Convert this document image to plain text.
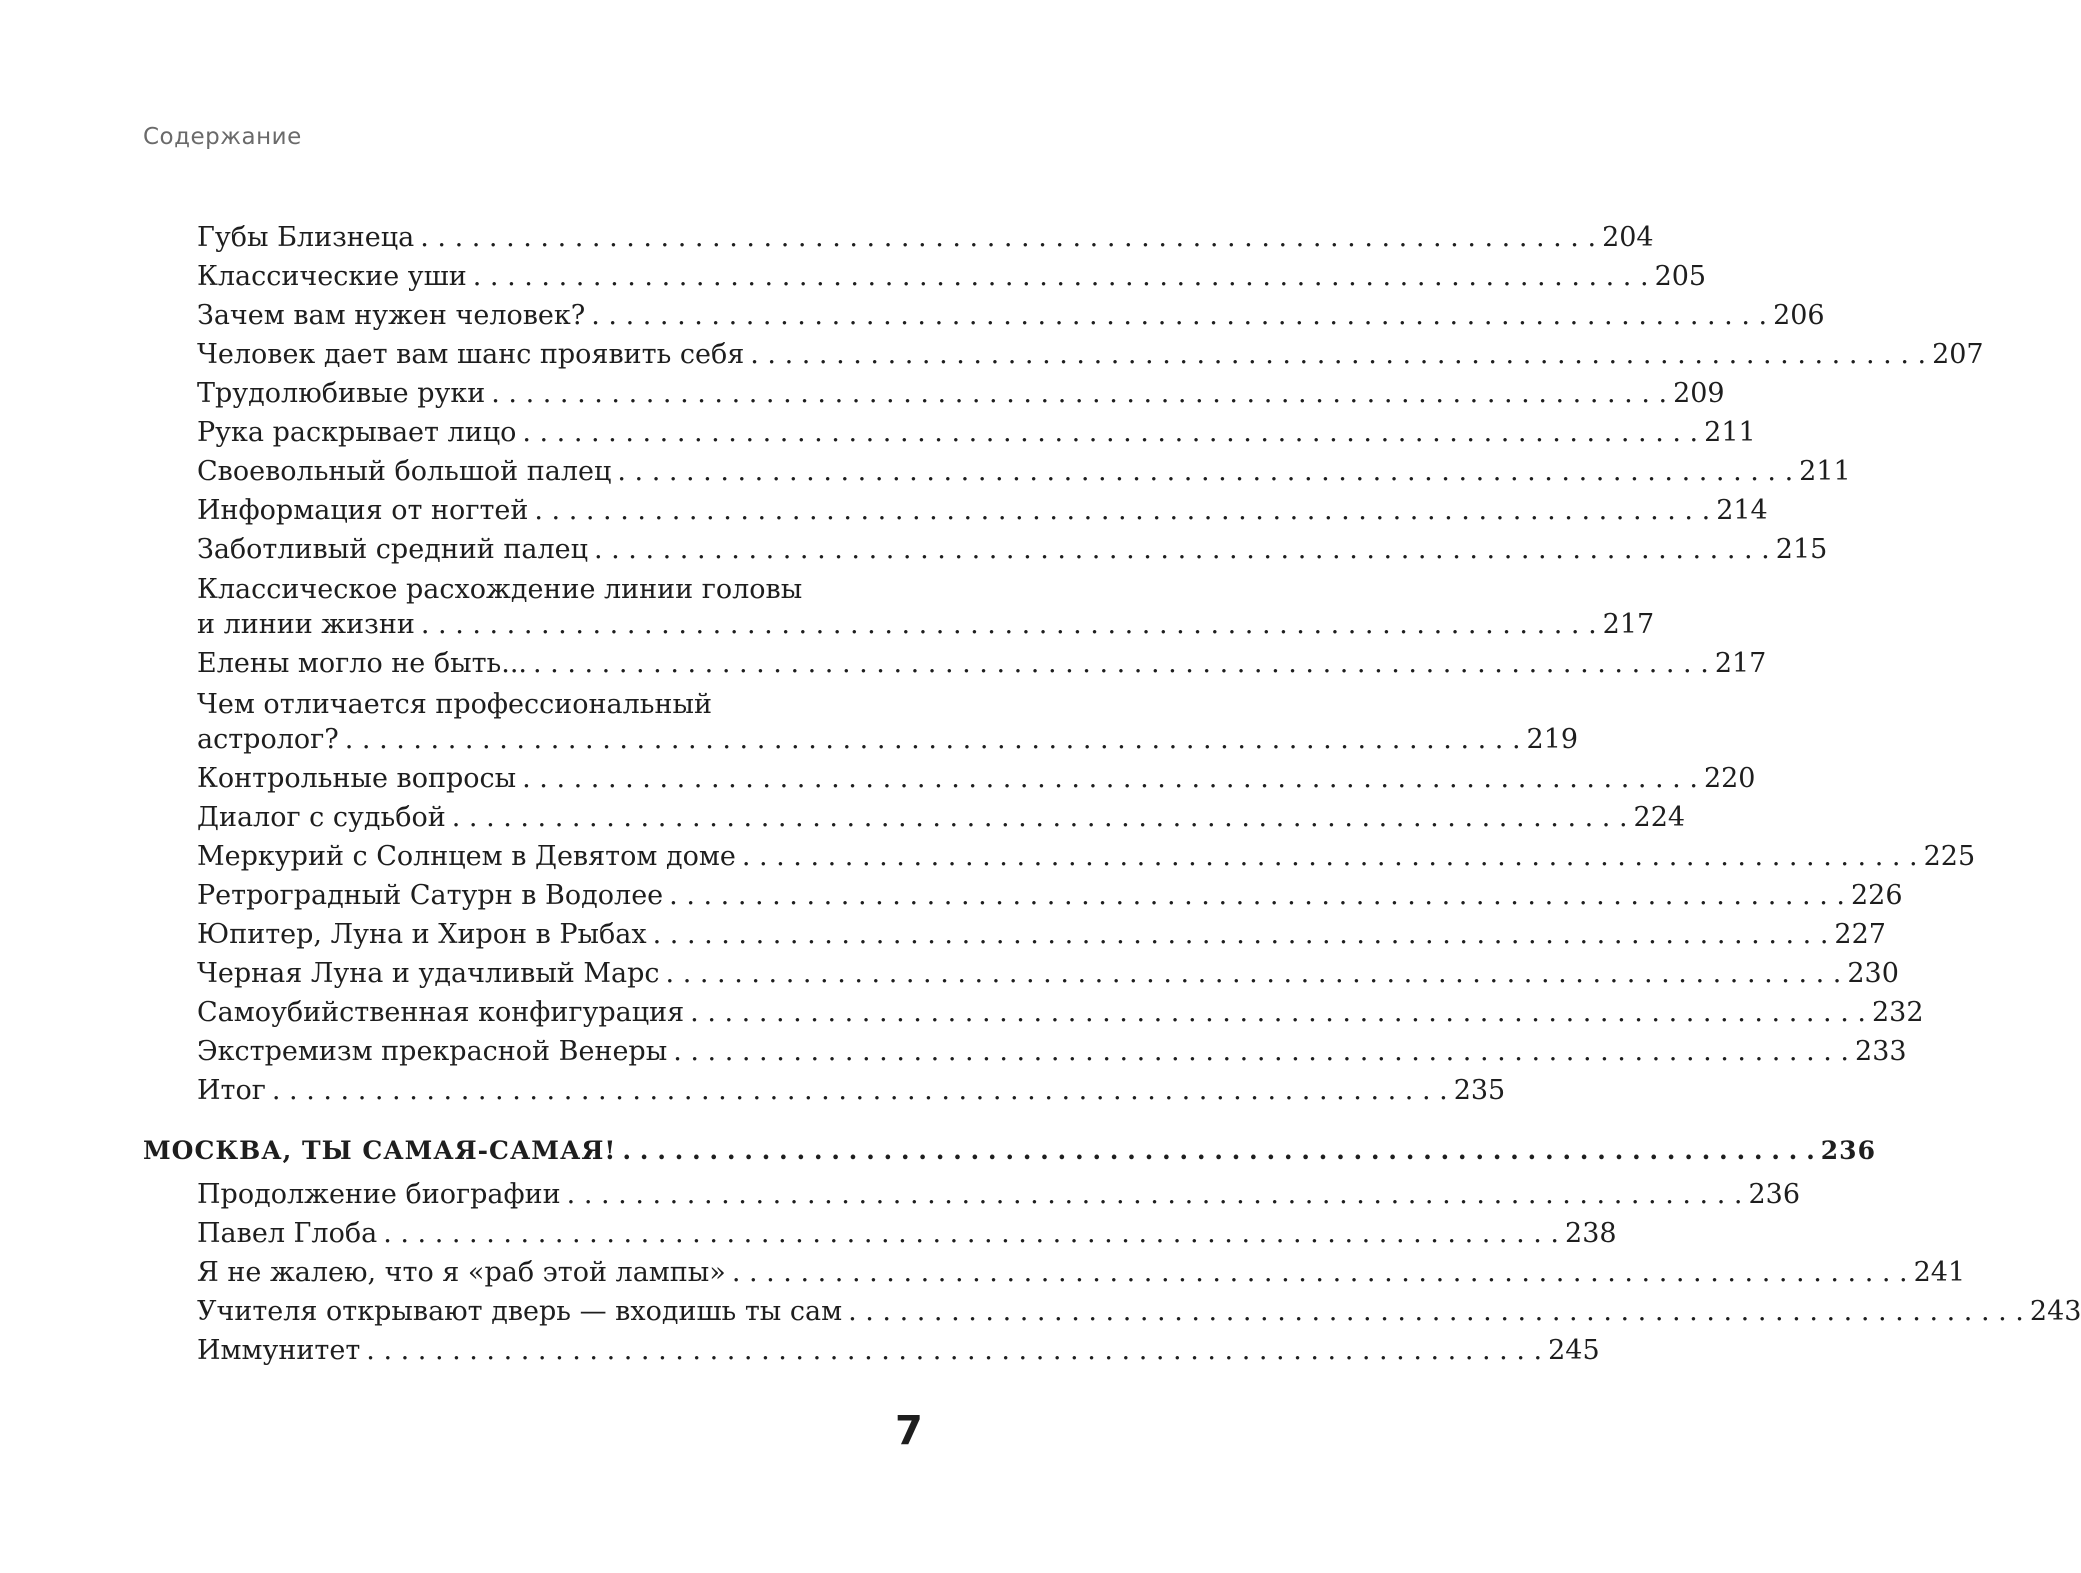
Содержание
Губы Близнеца . . . . . . . . . . . . . . . . . . . . . . . . . . . . . . . . . . . . . . . . . . . . . . . . . . . . . . . . . . . . . . . . . . . . . 204
Классические уши . . . . . . . . . . . . . . . . . . . . . . . . . . . . . . . . . . . . . . . . . . . . . . . . . . . . . . . . . . . . . . . . . . . . . 205
Зачем вам нужен человек? . . . . . . . . . . . . . . . . . . . . . . . . . . . . . . . . . . . . . . . . . . . . . . . . . . . . . . . . . . . . . . . . . . . . . 206
Человек дает вам шанс проявить себя . . . . . . . . . . . . . . . . . . . . . . . . . . . . . . . . . . . . . . . . . . . . . . . . . . . . . . . . . . . . . . . . . . . . . 207
Трудолюбивые руки . . . . . . . . . . . . . . . . . . . . . . . . . . . . . . . . . . . . . . . . . . . . . . . . . . . . . . . . . . . . . . . . . . . . . 209
Рука раскрывает лицо . . . . . . . . . . . . . . . . . . . . . . . . . . . . . . . . . . . . . . . . . . . . . . . . . . . . . . . . . . . . . . . . . . . . . 211
Своевольный большой палец . . . . . . . . . . . . . . . . . . . . . . . . . . . . . . . . . . . . . . . . . . . . . . . . . . . . . . . . . . . . . . . . . . . . . 211
Информация от ногтей . . . . . . . . . . . . . . . . . . . . . . . . . . . . . . . . . . . . . . . . . . . . . . . . . . . . . . . . . . . . . . . . . . . . . 214
Заботливый средний палец . . . . . . . . . . . . . . . . . . . . . . . . . . . . . . . . . . . . . . . . . . . . . . . . . . . . . . . . . . . . . . . . . . . . . 215
Классическое расхождение линии головы
и линии жизни . . . . . . . . . . . . . . . . . . . . . . . . . . . . . . . . . . . . . . . . . . . . . . . . . . . . . . . . . . . . . . . . . . . . . 217
Елены могло не быть... . . . . . . . . . . . . . . . . . . . . . . . . . . . . . . . . . . . . . . . . . . . . . . . . . . . . . . . . . . . . . . . . . . . . . 217
Чем отличается профессиональный
астролог? . . . . . . . . . . . . . . . . . . . . . . . . . . . . . . . . . . . . . . . . . . . . . . . . . . . . . . . . . . . . . . . . . . . . . 219
Контрольные вопросы . . . . . . . . . . . . . . . . . . . . . . . . . . . . . . . . . . . . . . . . . . . . . . . . . . . . . . . . . . . . . . . . . . . . . 220
Диалог с судьбой . . . . . . . . . . . . . . . . . . . . . . . . . . . . . . . . . . . . . . . . . . . . . . . . . . . . . . . . . . . . . . . . . . . . . 224
Меркурий с Солнцем в Девятом доме . . . . . . . . . . . . . . . . . . . . . . . . . . . . . . . . . . . . . . . . . . . . . . . . . . . . . . . . . . . . . . . . . . . . . 225
Ретроградный Сатурн в Водолее . . . . . . . . . . . . . . . . . . . . . . . . . . . . . . . . . . . . . . . . . . . . . . . . . . . . . . . . . . . . . . . . . . . . . 226
Юпитер, Луна и Хирон в Рыбах . . . . . . . . . . . . . . . . . . . . . . . . . . . . . . . . . . . . . . . . . . . . . . . . . . . . . . . . . . . . . . . . . . . . . 227
Черная Луна и удачливый Марс . . . . . . . . . . . . . . . . . . . . . . . . . . . . . . . . . . . . . . . . . . . . . . . . . . . . . . . . . . . . . . . . . . . . . 230
Самоубийственная конфигурация . . . . . . . . . . . . . . . . . . . . . . . . . . . . . . . . . . . . . . . . . . . . . . . . . . . . . . . . . . . . . . . . . . . . . 232
Экстремизм прекрасной Венеры . . . . . . . . . . . . . . . . . . . . . . . . . . . . . . . . . . . . . . . . . . . . . . . . . . . . . . . . . . . . . . . . . . . . . 233
Итог . . . . . . . . . . . . . . . . . . . . . . . . . . . . . . . . . . . . . . . . . . . . . . . . . . . . . . . . . . . . . . . . . . . . . 235
МОСКВА, ТЫ САМАЯ-САМАЯ! . . . . . . . . . . . . . . . . . . . . . . . . . . . . . . . . . . . . . . . . . . . . . . . . . . . . . . . . . . . . . . . . . . . . . 236
Продолжение биографии . . . . . . . . . . . . . . . . . . . . . . . . . . . . . . . . . . . . . . . . . . . . . . . . . . . . . . . . . . . . . . . . . . . . . 236
Павел Глоба . . . . . . . . . . . . . . . . . . . . . . . . . . . . . . . . . . . . . . . . . . . . . . . . . . . . . . . . . . . . . . . . . . . . . 238
Я не жалею, что я «раб этой лампы» . . . . . . . . . . . . . . . . . . . . . . . . . . . . . . . . . . . . . . . . . . . . . . . . . . . . . . . . . . . . . . . . . . . . . 241
Учителя открывают дверь — входишь ты сам . . . . . . . . . . . . . . . . . . . . . . . . . . . . . . . . . . . . . . . . . . . . . . . . . . . . . . . . . . . . . . . . . . . . . 243
Иммунитет . . . . . . . . . . . . . . . . . . . . . . . . . . . . . . . . . . . . . . . . . . . . . . . . . . . . . . . . . . . . . . . . . . . . . 245
7
